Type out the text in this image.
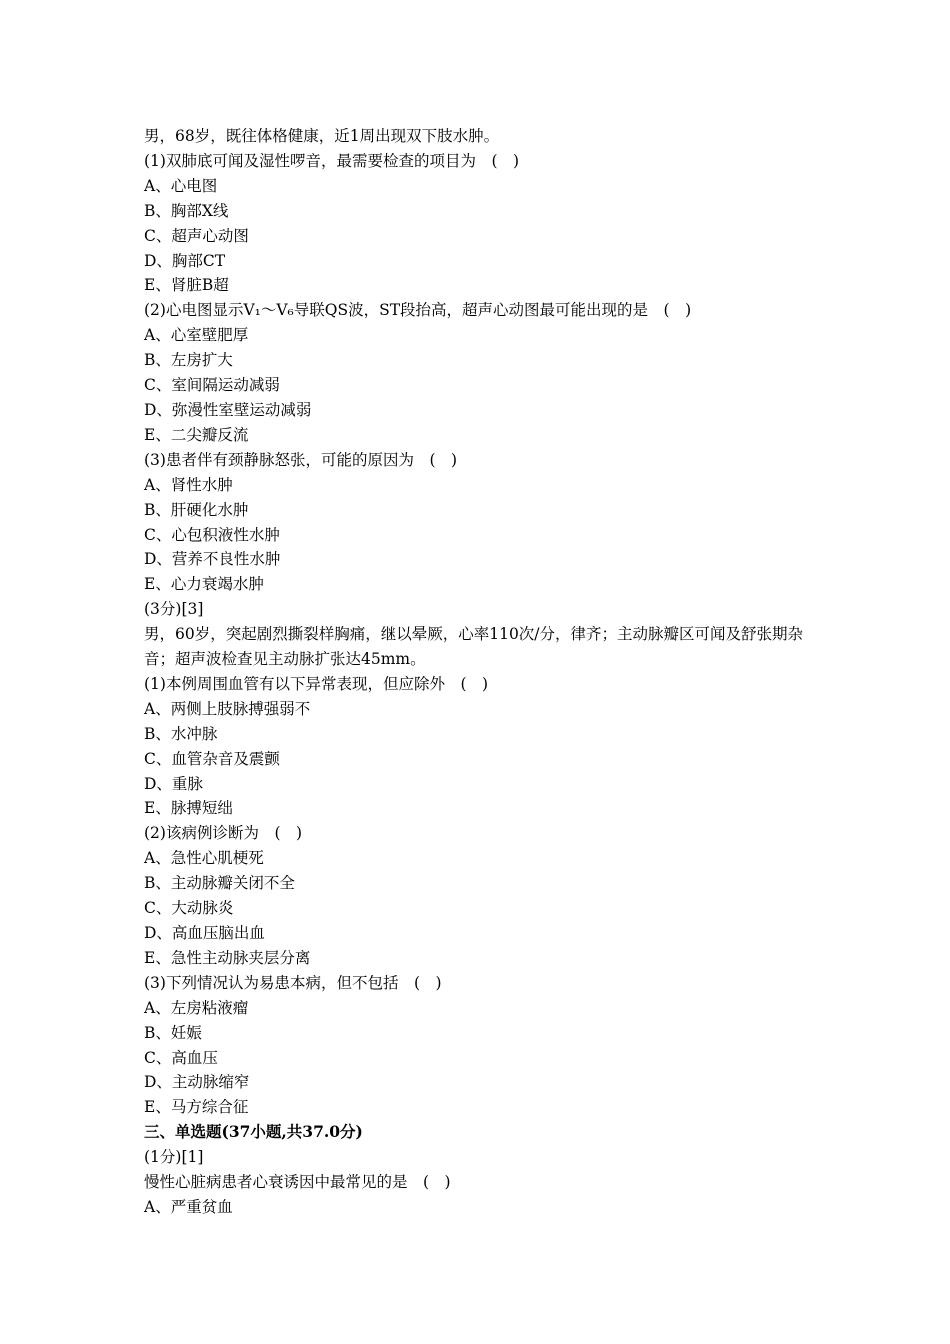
男，68岁，既往体格健康，近1周出现双下肢水肿。

(1)双肺底可闻及湿性啰音，最需要检查的项目为　(　)

A、心电图

B、胸部X线

C、超声心动图

D、胸部CT

E、肾脏B超

(2)心电图显示V₁～V₆导联QS波，ST段抬高，超声心动图最可能出现的是　(　)

A、心室壁肥厚

B、左房扩大

C、室间隔运动减弱

D、弥漫性室壁运动减弱

E、二尖瓣反流

(3)患者伴有颈静脉怒张，可能的原因为　(　)

A、肾性水肿

B、肝硬化水肿

C、心包积液性水肿

D、营养不良性水肿

E、心力衰竭水肿

(3分)[3]

男，60岁，突起剧烈撕裂样胸痛，继以晕厥，心率110次/分，律齐；主动脉瓣区可闻及舒张期杂音；超声波检查见主动脉扩张达45mm。

(1)本例周围血管有以下异常表现，但应除外　(　)

A、两侧上肢脉搏强弱不

B、水冲脉

C、血管杂音及震颤

D、重脉

E、脉搏短绌

(2)该病例诊断为　(　)

A、急性心肌梗死

B、主动脉瓣关闭不全

C、大动脉炎

D、高血压脑出血

E、急性主动脉夹层分离

(3)下列情况认为易患本病，但不包括　(　)

A、左房粘液瘤

B、妊娠

C、高血压

D、主动脉缩窄

E、马方综合征

三、单选题(37小题,共37.0分)

(1分)[1]

慢性心脏病患者心衰诱因中最常见的是　(　)

A、严重贫血
